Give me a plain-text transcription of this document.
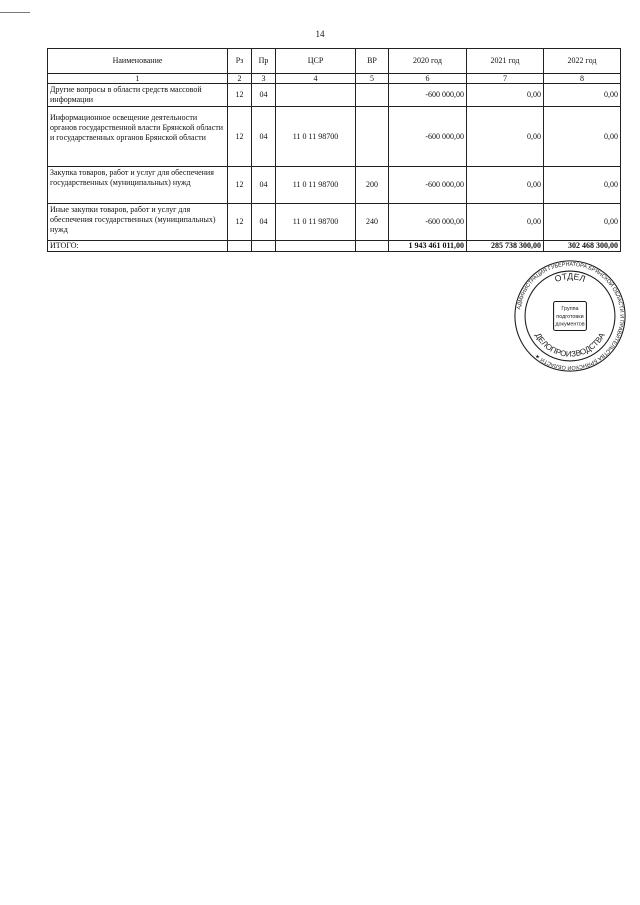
14
Наименование	Рз	Пр	ЦСР	ВР	2020 год	2021 год	2022 год
1	2	3	4	5	6	7	8
Другие вопросы в области средств массовой информации	12	04			-600 000,00	0,00	0,00
Информационное освещение деятельности органов государственной власти Брянской области и государственных органов Брянской области	12	04	11 0 11 98700		-600 000,00	0,00	0,00
Закупка товаров, работ и услуг для обеспечения государственных (муниципальных) нужд	12	04	11 0 11 98700	200	-600 000,00	0,00	0,00
Иные закупки товаров, работ и услуг для обеспечения государственных (муниципальных) нужд	12	04	11 0 11 98700	240	-600 000,00	0,00	0,00
ИТОГО:					1 943 461 011,00	285 738 300,00	302 468 300,00
АДМИНИСТРАЦИЯ ГУБЕРНАТОРА БРЯНСКОЙ ОБЛАСТИ И ПРАВИТЕЛЬСТВА БРЯНСКОЙ ОБЛАСТИ ★
ОТДЕЛ
ДЕЛОПРОИЗВОДСТВА
Группа
подготовки
документов
